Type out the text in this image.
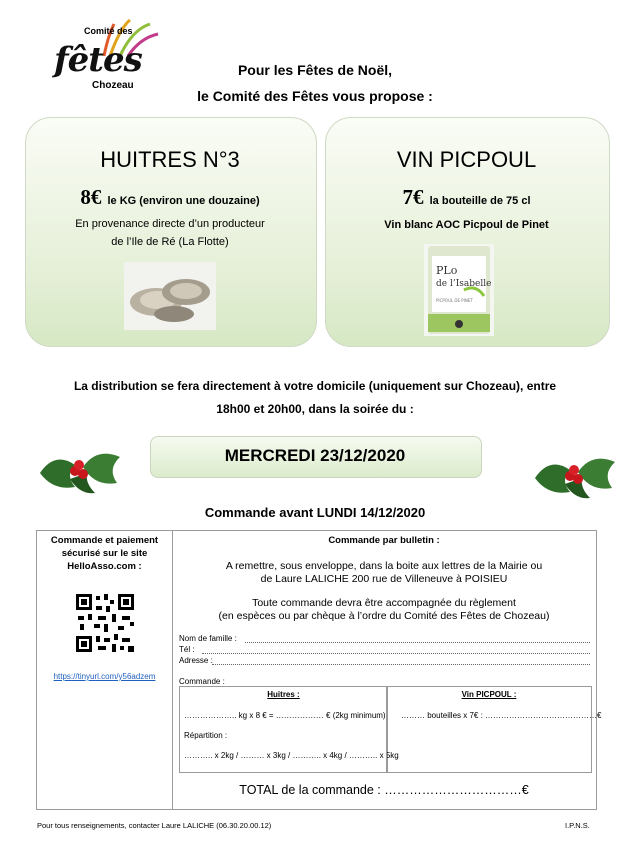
Comité des
fêtes
Chozeau
Pour les Fêtes de Noël,
le Comité des Fêtes vous propose :
HUITRES N°3
8€ le KG (environ une douzaine)
En provenance directe d’un producteur
de l’Ile de Ré (La Flotte)
VIN PICPOUL
7€ la bouteille de 75 cl
Vin blanc AOC Picpoul de Pinet
PLo
de l’Isabelle
PICPOUL DE PINET
La distribution se fera directement à votre domicile (uniquement sur Chozeau), entre
18h00 et 20h00, dans la soirée du :
MERCREDI 23/12/2020
Commande avant LUNDI 14/12/2020
Commande et paiement
sécurisé sur le site
HelloAsso.com :
https://tinyurl.com/y56adzem
Commande par bulletin :
A remettre, sous enveloppe, dans la boite aux lettres de la Mairie ou
de Laure LALICHE 200 rue de Villeneuve à POISIEU
Toute commande devra être accompagnée du règlement
(en espèces ou par chèque à l’ordre du Comité des Fêtes de Chozeau)
Nom de famille :
Tél :
Adresse :
Commande :
Huitres :
……………….. kg x 8 € = ……………… € (2kg minimum)
Répartition :
……….. x 2kg / ……… x 3kg / ……….. x 4kg / ……….. x 5kg
Vin PICPOUL :
……… bouteilles x 7€ : ……………………………………€
TOTAL de la commande : ……………………………€
Pour tous renseignements, contacter Laure LALICHE (06.30.20.00.12)	I.P.N.S.
